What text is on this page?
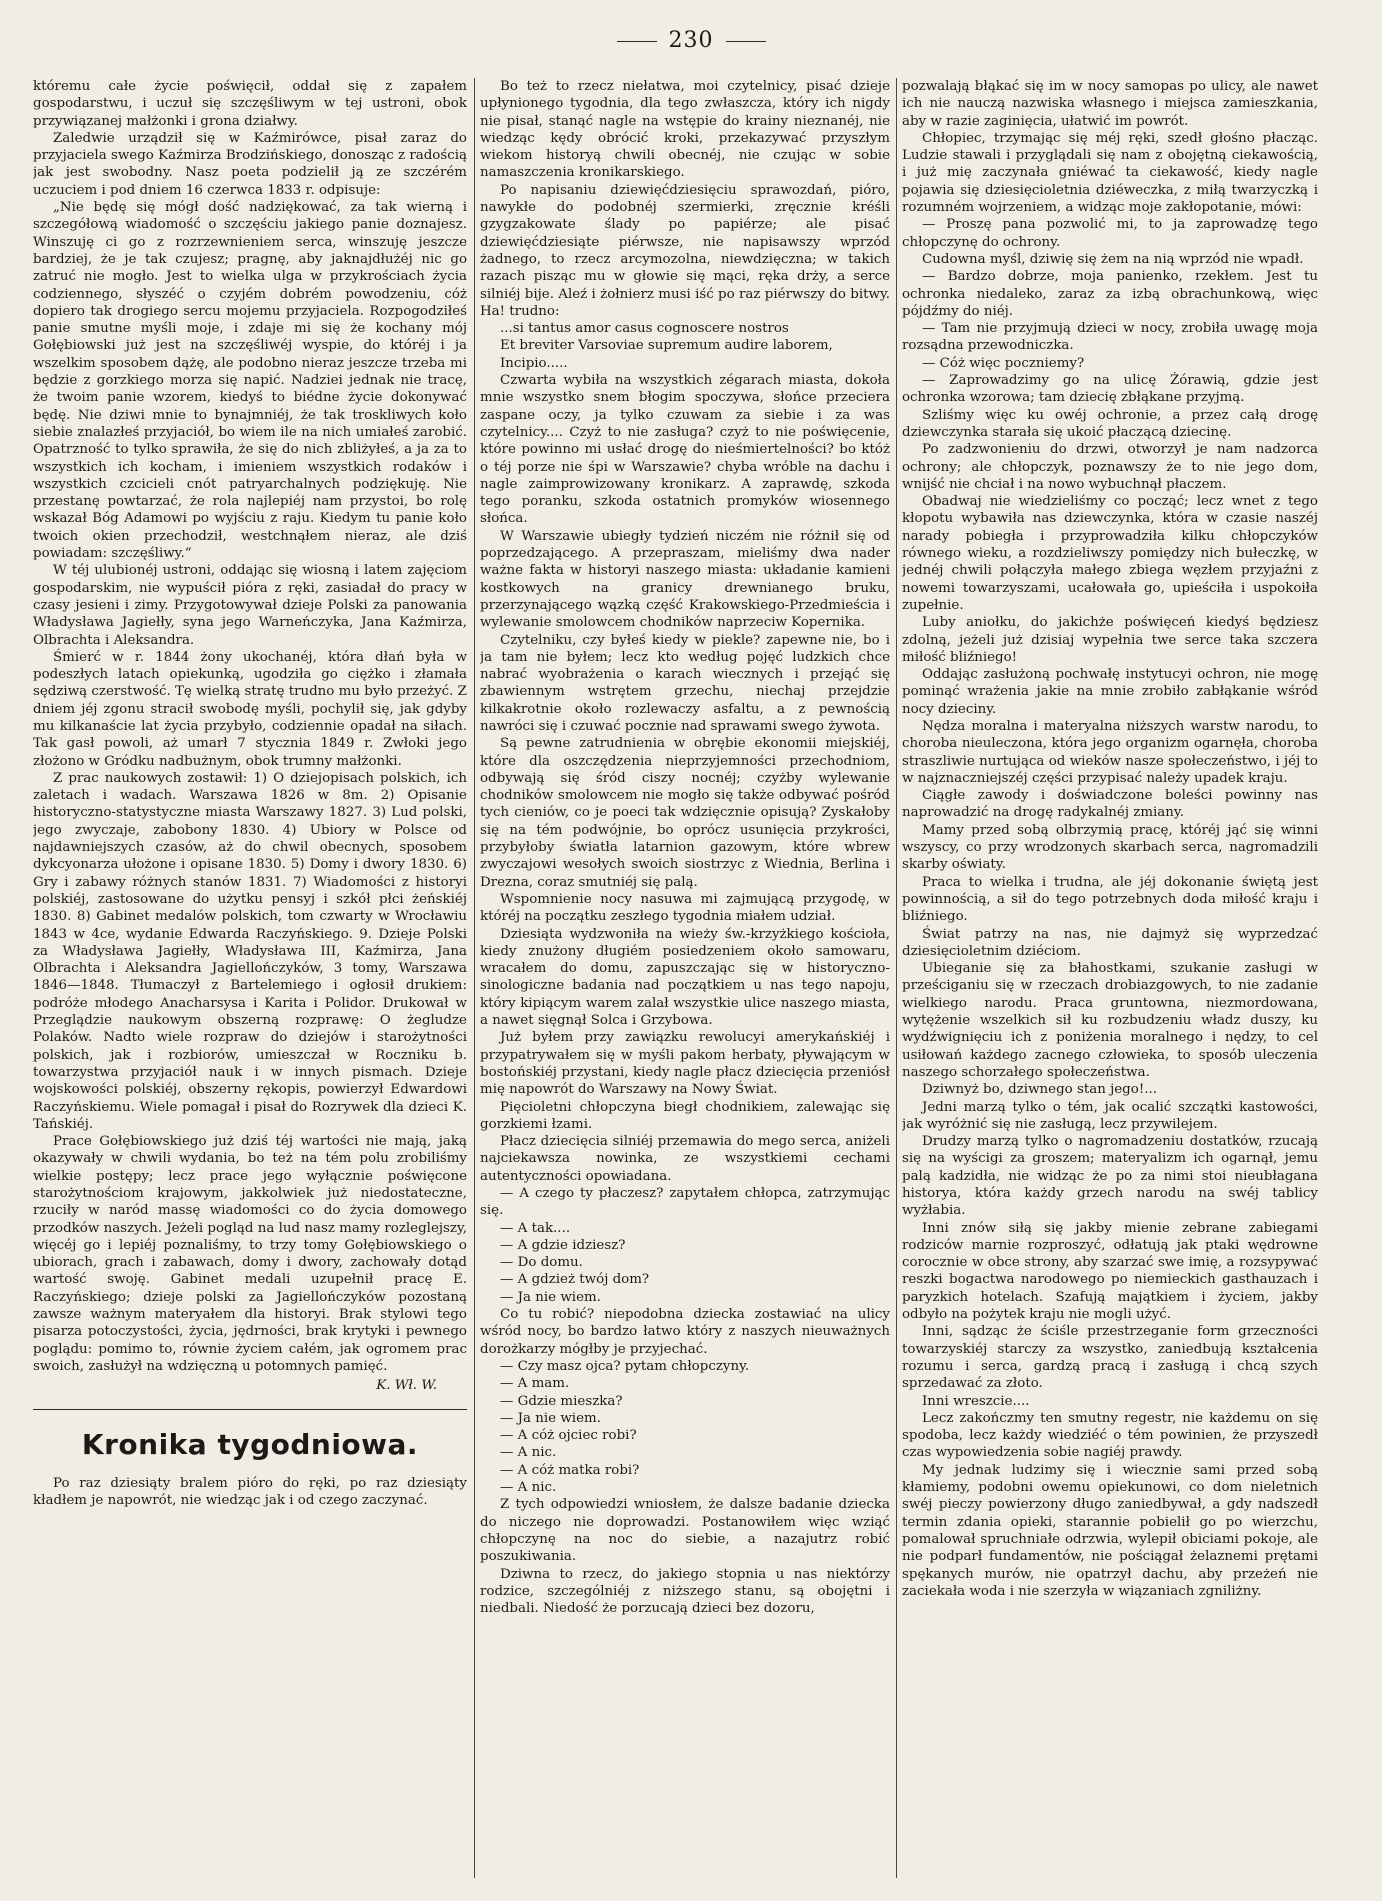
230

któremu całe życie poświęcił, oddał się z zapałem gospodarstwu, i uczuł się szczęśliwym w tej ustroni, obok przywiązanej małżonki i grona działwy.

Zaledwie urządził się w Kaźmirówce, pisał zaraz do przyjaciela swego Kaźmirza Brodzińskiego, donosząc z radością jak jest swobodny. Nasz poeta podzielił ją ze szczérém uczuciem i pod dniem 16 czerwca 1833 r. odpisuje:

„Nie będę się mógł dość nadziękować, za tak wierną i szczegółową wiadomość o szczęściu jakiego panie doznajesz. Winszuję ci go z rozrzewnieniem serca, winszuję jeszcze bardziej, że je tak czujesz; pragnę, aby jaknajdłużéj nic go zatruć nie mogło. Jest to wielka ulga w przykrościach życia codziennego, słyszéć o czyjém dobrém powodzeniu, cóż dopiero tak drogiego sercu mojemu przyjaciela. Rozpogodziłeś panie smutne myśli moje, i zdaje mi się że kochany mój Gołębiowski już jest na szczęśliwéj wyspie, do któréj i ja wszelkim sposobem dążę, ale podobno nieraz jeszcze trzeba mi będzie z gorzkiego morza się napić. Nadziei jednak nie tracę, że twoim panie wzorem, kiedyś to biédne życie dokonywać będę. Nie dziwi mnie to bynajmniéj, że tak troskliwych koło siebie znalazłeś przyjaciół, bo wiem ile na nich umiałeś zarobić. Opatrzność to tylko sprawiła, że się do nich zbliżyłeś, a ja za to wszystkich ich kocham, i imieniem wszystkich rodaków i wszystkich czcicieli cnót patryarchalnych podziękuję. Nie przestanę powtarzać, że rola najlepiéj nam przystoi, bo rolę wskazał Bóg Adamowi po wyjściu z raju. Kiedym tu panie koło twoich okien przechodził, westchnąłem nieraz, ale dziś powiadam: szczęśliwy.“

W téj ulubionéj ustroni, oddając się wiosną i latem zajęciom gospodarskim, nie wypuścił pióra z ręki, zasiadał do pracy w czasy jesieni i zimy. Przygotowywał dzieje Polski za panowania Władysława Jagiełły, syna jego Warneńczyka, Jana Kaźmirza, Olbrachta i Aleksandra.

Śmierć w r. 1844 żony ukochanéj, która dłań była w podeszłych latach opiekunką, ugodziła go ciężko i złamała sędziwą czerstwość. Tę wielką stratę trudno mu było przeżyć. Z dniem jéj zgonu stracił swobodę myśli, pochylił się, jak gdyby mu kilkanaście lat życia przybyło, codziennie opadał na siłach. Tak gasł powoli, aż umarł 7 stycznia 1849 r. Zwłoki jego złożono w Gródku nadbużnym, obok trumny małżonki.

Z prac naukowych zostawił: 1) O dziejopisach polskich, ich zaletach i wadach. Warszawa 1826 w 8m. 2) Opisanie historyczno-statystyczne miasta Warszawy 1827. 3) Lud polski, jego zwyczaje, zabobony 1830. 4) Ubiory w Polsce od najdawniejszych czasów, aż do chwil obecnych, sposobem dykcyonarza ułożone i opisane 1830. 5) Domy i dwory 1830. 6) Gry i zabawy różnych stanów 1831. 7) Wiadomości z historyi polskiéj, zastosowane do użytku pensyj i szkół płci żeńskiéj 1830. 8) Gabinet medalów polskich, tom czwarty w Wrocławiu 1843 w 4ce, wydanie Edwarda Raczyńskiego. 9. Dzieje Polski za Władysława Jagiełły, Władysława III, Kaźmirza, Jana Olbrachta i Aleksandra Jagiellończyków, 3 tomy, Warszawa 1846—1848. Tłumaczył z Bartelemiego i ogłosił drukiem: podróże młodego Anacharsysa i Karita i Polidor. Drukował w Przeglądzie naukowym obszerną rozprawę: O żegludze Polaków. Nadto wiele rozpraw do dziejów i starożytności polskich, jak i rozbiorów, umieszczał w Roczniku b. towarzystwa przyjaciół nauk i w innych pismach. Dzieje wojskowości polskiéj, obszerny rękopis, powierzył Edwardowi Raczyńskiemu. Wiele pomagał i pisał do Rozrywek dla dzieci K. Tańskiéj.

Prace Gołębiowskiego już dziś téj wartości nie mają, jaką okazywały w chwili wydania, bo też na tém polu zrobiliśmy wielkie postępy; lecz prace jego wyłącznie poświęcone starożytnościom krajowym, jakkolwiek już niedostateczne, rzuciły w naród massę wiadomości co do życia domowego przodków naszych. Jeżeli pogląd na lud nasz mamy rozleglejszy, więcéj go i lepiéj poznaliśmy, to trzy tomy Gołębiowskiego o ubiorach, grach i zabawach, domy i dwory, zachowały dotąd wartość swoję. Gabinet medali uzupełnił pracę E. Raczyńskiego; dzieje polski za Jagiellończyków pozostaną zawsze ważnym materyałem dla historyi. Brak stylowi tego pisarza potoczystości, życia, jędrności, brak krytyki i pewnego poglądu: pomimo to, równie życiem całém, jak ogromem prac swoich, zasłużył na wdzięczną u potomnych pamięć.

K. Wł. W.
Kronika tygodniowa.

Po raz dziesiąty bralem pióro do ręki, po raz dziesiąty kładłem je napowrót, nie wiedząc jak i od czego zaczynać.

Bo też to rzecz niełatwa, moi czytelnicy, pisać dzieje upłynionego tygodnia, dla tego zwłaszcza, który ich nigdy nie pisał, stanąć nagle na wstępie do krainy nieznanéj, nie wiedząc kędy obrócić kroki, przekazywać przyszłym wiekom historyą chwili obecnéj, nie czując w sobie namaszczenia kronikarskiego.

Po napisaniu dziewięćdziesięciu sprawozdań, pióro, nawykłe do podobnéj szermierki, zręcznie kréśli gzygzakowate ślady po papiérze; ale pisać dziewięćdziesiąte piérwsze, nie napisawszy wprzód żadnego, to rzecz arcymozolna, niewdzięczna; w takich razach pisząc mu w głowie się mąci, ręka drży, a serce silniéj bije. Aleź i żołnierz musi iść po raz piérwszy do bitwy. Ha! trudno:

...si tantus amor casus cognoscere nostros

Et breviter Varsoviae supremum audire laborem,

Incipio.....

Czwarta wybiła na wszystkich zégarach miasta, dokoła mnie wszystko snem błogim spoczywa, słońce przeciera zaspane oczy, ja tylko czuwam za siebie i za was czytelnicy.... Czyż to nie zasługa? czyż to nie poświęcenie, które powinno mi usłać drogę do nieśmiertelności? bo któż o téj porze nie śpi w Warszawie? chyba wróble na dachu i nagle zaimprowizowany kronikarz. A zaprawdę, szkoda tego poranku, szkoda ostatnich promyków wiosennego słońca.

W Warszawie ubiegły tydzień niczém nie różnił się od poprzedzającego. A przepraszam, mieliśmy dwa nader ważne fakta w historyi naszego miasta: układanie kamieni kostkowych na granicy drewnianego bruku, przerzynającego wązką część Krakowskiego-Przedmieścia i wylewanie smolowcem chodników naprzeciw Kopernika.

Czytelniku, czy byłeś kiedy w piekle? zapewne nie, bo i ja tam nie byłem; lecz kto według pojęć ludzkich chce nabrać wyobrażenia o karach wiecznych i przejąć się zbawiennym wstrętem grzechu, niechaj przejdzie kilkakrotnie około rozlewaczy asfaltu, a z pewnością nawróci się i czuwać pocznie nad sprawami swego żywota.

Są pewne zatrudnienia w obrębie ekonomii miejskiéj, które dla oszczędzenia nieprzyjemności przechodniom, odbywają się śród ciszy nocnéj; czyżby wylewanie chodników smolowcem nie mogło się także odbywać pośród tych cieniów, co je poeci tak wdzięcznie opisują? Zyskałoby się na tém podwójnie, bo oprócz usunięcia przykrości, przybyłoby światła latarnion gazowym, które wbrew zwyczajowi wesołych swoich siostrzyc z Wiednia, Berlina i Drezna, coraz smutniéj się palą.

Wspomnienie nocy nasuwa mi zajmującą przygodę, w któréj na początku zeszłego tygodnia miałem udział.

Dziesiąta wydzwoniła na wieży św.-krzyżkiego kościoła, kiedy znużony długiém posiedzeniem około samowaru, wracałem do domu, zapuszczając się w historyczno-sinologiczne badania nad początkiem u nas tego napoju, który kipiącym warem zalał wszystkie ulice naszego miasta, a nawet sięgnął Solca i Grzybowa.

Już byłem przy zawiązku rewolucyi amerykańskiéj i przypatrywałem się w myśli pakom herbaty, pływającym w bostońskiéj przystani, kiedy nagle płacz dziecięcia przeniósł mię napowrót do Warszawy na Nowy Świat.

Pięcioletni chłopczyna biegł chodnikiem, zalewając się gorzkiemi łzami.

Płacz dziecięcia silniéj przemawia do mego serca, aniżeli najciekawsza nowinka, ze wszystkiemi cechami autentyczności opowiadana.

— A czego ty płaczesz? zapytałem chłopca, zatrzymując się.

— A tak....

— A gdzie idziesz?

— Do domu.

— A gdzież twój dom?

— Ja nie wiem.

Co tu robić? niepodobna dziecka zostawiać na ulicy wśród nocy, bo bardzo łatwo który z naszych nieuważnych dorożkarzy mógłby je przyjechać.

— Czy masz ojca? pytam chłopczyny.

— A mam.

— Gdzie mieszka?

— Ja nie wiem.

— A cóż ojciec robi?

— A nic.

— A cóż matka robi?

— A nic.

Z tych odpowiedzi wniosłem, że dalsze badanie dziecka do niczego nie doprowadzi. Postanowiłem więc wziąć chłopczynę na noc do siebie, a nazajutrz robić poszukiwania.

Dziwna to rzecz, do jakiego stopnia u nas niektórzy rodzice, szczególniéj z niższego stanu, są obojętni i niedbali. Niedość że porzucają dzieci bez dozoru,

pozwalają błąkać się im w nocy samopas po ulicy, ale nawet ich nie nauczą nazwiska własnego i miejsca zamieszkania, aby w razie zaginięcia, ułatwić im powrót.

Chłopiec, trzymając się méj ręki, szedł głośno płacząc. Ludzie stawali i przyglądali się nam z obojętną ciekawością, i już mię zaczynała gniéwać ta ciekawość, kiedy nagle pojawia się dziesięcioletnia dziéweczka, z miłą twarzyczką i rozumném wojrzeniem, a widząc moje zakłopotanie, mówi:

— Proszę pana pozwolić mi, to ja zaprowadzę tego chłopczynę do ochrony.

Cudowna myśl, dziwię się żem na nią wprzód nie wpadł.

— Bardzo dobrze, moja panienko, rzekłem. Jest tu ochronka niedaleko, zaraz za izbą obrachunkową, więc pójdźmy do niéj.

— Tam nie przyjmują dzieci w nocy, zrobiła uwagę moja rozsądna przewodniczka.

— Cóż więc poczniemy?

— Zaprowadzimy go na ulicę Żórawią, gdzie jest ochronka wzorowa; tam dziecię zbłąkane przyjmą.

Szliśmy więc ku owéj ochronie, a przez całą drogę dziewczynka starała się ukoić płaczącą dziecinę.

Po zadzwonieniu do drzwi, otworzył je nam nadzorca ochrony; ale chłopczyk, poznawszy że to nie jego dom, wnijść nie chciał i na nowo wybuchnął płaczem.

Obadwaj nie wiedzieliśmy co począć; lecz wnet z tego kłopotu wybawiła nas dziewczynka, która w czasie naszéj narady pobiegła i przyprowadziła kilku chłopczyków równego wieku, a rozdzieliwszy pomiędzy nich bułeczkę, w jednéj chwili połączyła małego zbiega węzłem przyjaźni z nowemi towarzyszami, ucałowała go, upieściła i uspokoiła zupełnie.

Luby aniołku, do jakichże poświęceń kiedyś będziesz zdolną, jeżeli już dzisiaj wypełnia twe serce taka szczera miłość bliźniego!

Oddając zasłużoną pochwałę instytucyi ochron, nie mogę pominąć wrażenia jakie na mnie zrobiło zabłąkanie wśród nocy dzieciny.

Nędza moralna i materyalna niższych warstw narodu, to choroba nieuleczona, która jego organizm ogarnęła, choroba straszliwie nurtująca od wieków nasze społeczeństwo, i jéj to w najznaczniejszéj części przypisać należy upadek kraju.

Ciągłe zawody i doświadczone boleści powinny nas naprowadzić na drogę radykalnéj zmiany.

Mamy przed sobą olbrzymią pracę, któréj jąć się winni wszyscy, co przy wrodzonych skarbach serca, nagromadzili skarby oświaty.

Praca to wielka i trudna, ale jéj dokonanie świętą jest powinnością, a sił do tego potrzebnych doda miłość kraju i bliźniego.

Świat patrzy na nas, nie dajmyż się wyprzedzać dziesięcioletnim dziéciom.

Ubieganie się za błahostkami, szukanie zasługi w prześciganiu się w rzeczach drobiazgowych, to nie zadanie wielkiego narodu. Praca gruntowna, niezmordowana, wytężenie wszelkich sił ku rozbudzeniu władz duszy, ku wydźwignięciu ich z poniżenia moralnego i nędzy, to cel usiłowań każdego zacnego człowieka, to sposób uleczenia naszego schorzałego społeczeństwa.

Dziwnyż bo, dziwnego stan jego!...

Jedni marzą tylko o tém, jak ocalić szczątki kastowości, jak wyróżnić się nie zasługą, lecz przywilejem.

Drudzy marzą tylko o nagromadzeniu dostatków, rzucają się na wyścigi za groszem; materyalizm ich ogarnął, jemu palą kadzidła, nie widząc że po za nimi stoi nieubłagana historya, która każdy grzech narodu na swéj tablicy wyżłabia.

Inni znów siłą się jakby mienie zebrane zabiegami rodziców marnie rozproszyć, odłatują jak ptaki wędrowne corocznie w obce strony, aby szarzać swe imię, a rozsypywać reszki bogactwa narodowego po niemieckich gasthauzach i paryzkich hotelach. Szafują majątkiem i życiem, jakby odbyło na pożytek kraju nie mogli użyć.

Inni, sądząc że ściśle przestrzeganie form grzeczności towarzyskiéj starczy za wszystko, zaniedbują kształcenia rozumu i serca, gardzą pracą i zasługą i chcą szych sprzedawać za złoto.

Inni wreszcie....

Lecz zakończmy ten smutny regestr, nie każdemu on się spodoba, lecz każdy wiedziéć o tém powinien, że przyszedł czas wypowiedzenia sobie nagiéj prawdy.

My jednak ludzimy się i wiecznie sami przed sobą kłamiemy, podobni owemu opiekunowi, co dom nieletnich swéj pieczy powierzony długo zaniedbywał, a gdy nadszedł termin zdania opieki, starannie pobielił go po wierzchu, pomalował spruchniałe odrzwia, wylepił obiciami pokoje, ale nie podparł fundamentów, nie pościągał żelaznemi prętami spękanych murów, nie opatrzył dachu, aby przeżeń nie zaciekała woda i nie szerzyła w wiązaniach zgniliżny.
